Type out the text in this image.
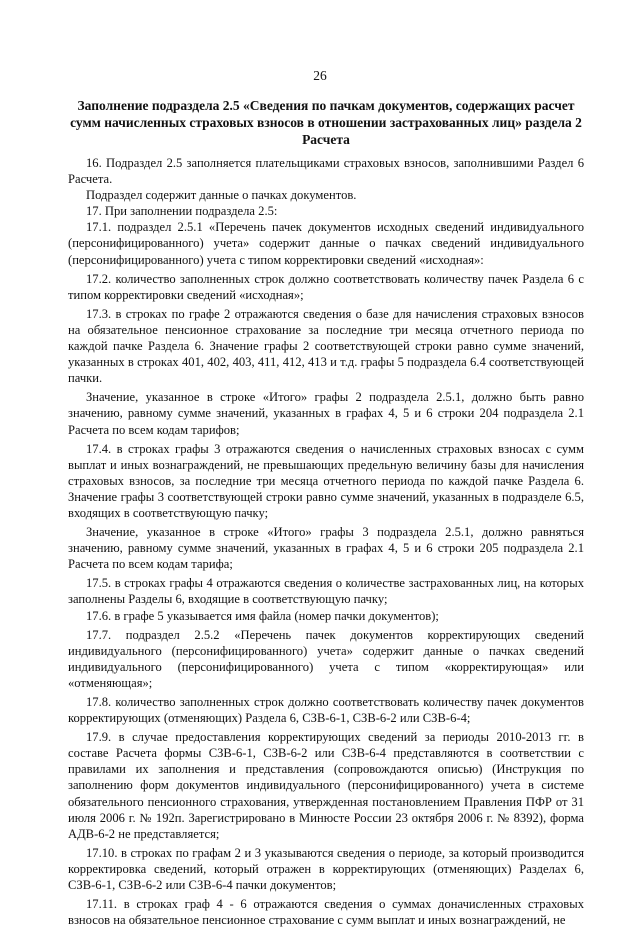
26
Заполнение подраздела 2.5 «Сведения по пачкам документов, содержащих расчет сумм начисленных страховых взносов в отношении застрахованных лиц» раздела 2 Расчета

16. Подраздел 2.5 заполняется плательщиками страховых взносов, заполнившими Раздел 6 Расчета.

Подраздел содержит данные о пачках документов.

17. При заполнении подраздела 2.5:

17.1. подраздел 2.5.1 «Перечень пачек документов исходных сведений индивидуального (персонифицированного) учета» содержит данные о пачках сведений индивидуального (персонифицированного) учета с типом корректировки сведений «исходная»:

17.2. количество заполненных строк должно соответствовать количеству пачек Раздела 6 с типом корректировки сведений «исходная»;

17.3. в строках по графе 2 отражаются сведения о базе для начисления страховых взносов на обязательное пенсионное страхование за последние три месяца отчетного периода по каждой пачке Раздела 6. Значение графы 2 соответствующей строки равно сумме значений, указанных в строках 401, 402, 403, 411, 412, 413 и т.д. графы 5 подраздела 6.4 соответствующей пачки.

Значение, указанное в строке «Итого» графы 2 подраздела 2.5.1, должно быть равно значению, равному сумме значений, указанных в графах 4, 5 и 6 строки 204 подраздела 2.1 Расчета по всем кодам тарифов;

17.4. в строках графы 3 отражаются сведения о начисленных страховых взносах с сумм выплат и иных вознаграждений, не превышающих предельную величину базы для начисления страховых взносов, за последние три месяца отчетного периода по каждой пачке Раздела 6. Значение графы 3 соответствующей строки равно сумме значений, указанных в подразделе 6.5, входящих в соответствующую пачку;

Значение, указанное в строке «Итого» графы 3 подраздела 2.5.1, должно равняться значению, равному сумме значений, указанных в графах 4, 5 и 6 строки 205 подраздела 2.1 Расчета по всем кодам тарифа;

17.5. в строках графы 4 отражаются сведения о количестве застрахованных лиц, на которых заполнены Разделы 6, входящие в соответствующую пачку;

17.6. в графе 5 указывается имя файла (номер пачки документов);

17.7. подраздел 2.5.2 «Перечень пачек документов корректирующих сведений индивидуального (персонифицированного) учета» содержит данные о пачках сведений индивидуального (персонифицированного) учета с типом «корректирующая» или «отменяющая»;

17.8. количество заполненных строк должно соответствовать количеству пачек документов корректирующих (отменяющих) Раздела 6, СЗВ-6-1, СЗВ-6-2 или СЗВ-6-4;

17.9. в случае предоставления корректирующих сведений за периоды 2010-2013 гг. в составе Расчета формы СЗВ-6-1, СЗВ-6-2 или СЗВ-6-4 представляются в соответствии с правилами их заполнения и представления (сопровождаются описью) (Инструкция по заполнению форм документов индивидуального (персонифицированного) учета в системе обязательного пенсионного страхования, утвержденная постановлением Правления ПФР от 31 июля 2006 г. № 192п. Зарегистрировано в Минюсте России 23 октября 2006 г. № 8392), форма АДВ-6-2 не представляется;

17.10. в строках по графам 2 и 3 указываются сведения о периоде, за который производится корректировка сведений, который отражен в корректирующих (отменяющих) Разделах 6, СЗВ-6-1, СЗВ-6-2 или СЗВ-6-4 пачки документов;

17.11. в строках граф 4 - 6 отражаются сведения о суммах доначисленных страховых взносов на обязательное пенсионное страхование с сумм выплат и иных вознаграждений, не
